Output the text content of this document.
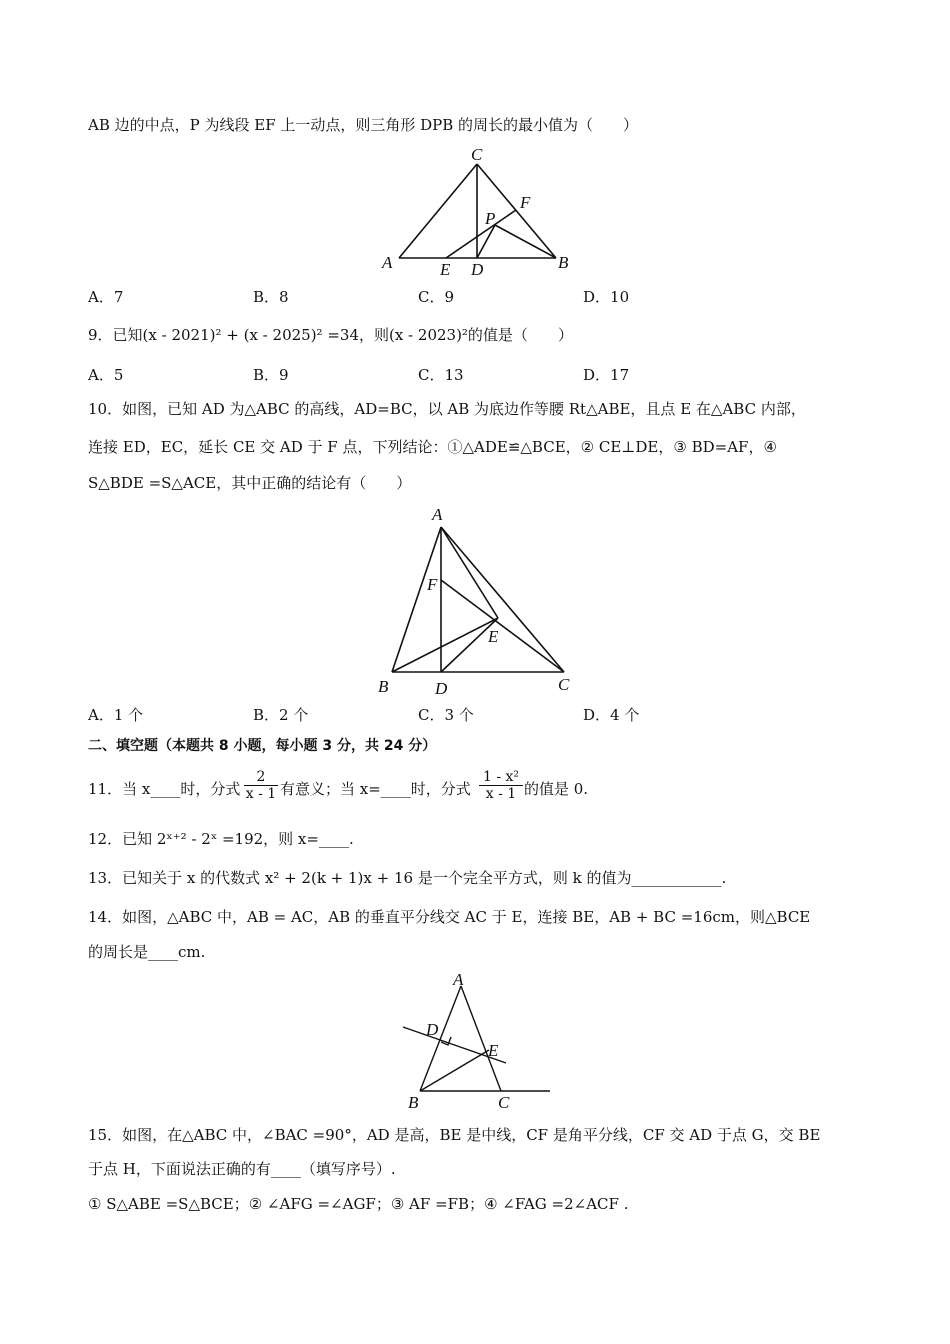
AB 边的中点，P 为线段 EF 上一动点，则三角形 DPB 的周长的最小值为（　　）
C
F
P
A	E D	B
A．7	B．8	C．9	D．10
9．已知(x - 2021)² + (x - 2025)² =34，则(x - 2023)²的值是（　　）
A．5	B．9	C．13	D．17
10．如图，已知 AD 为△ABC 的高线，AD=BC，以 AB 为底边作等腰 Rt△ABE，且点 E 在△ABC 内部，
连接 ED，EC，延长 CE 交 AD 于 F 点，下列结论：①△ADE≌△BCE，② CE⊥DE，③ BD=AF，④
S△BDE =S△ACE，其中正确的结论有（　　）
A
F
E
B	D	C
A．1 个	B．2 个	C．3 个	D．4 个
二、填空题（本题共 8 小题，每小题 3 分，共 24 分）
11．当 x____时，分式 $\frac{2}{x - 1}$ 有意义；当 x=____时，分式 $\frac{\text{1 - x²}}{x - 1}$ 的值是 0.
12．已知 2ˣ⁺² - 2ˣ =192，则 x=____.
13．已知关于 x 的代数式 x² + 2(k + 1)x + 16 是一个完全平方式，则 k 的值为____________.
14．如图，△ABC 中，AB = AC，AB 的垂直平分线交 AC 于 E，连接 BE，AB + BC =16cm，则△BCE
的周长是____cm.
A
D
E
B	C
15．如图，在△ABC 中，∠BAC =90°，AD 是高，BE 是中线，CF 是角平分线，CF 交 AD 于点 G，交 BE
于点 H，下面说法正确的有____（填写序号）.
① S△ABE =S△BCE；② ∠AFG =∠AGF；③ AF =FB；④ ∠FAG =2∠ACF .
